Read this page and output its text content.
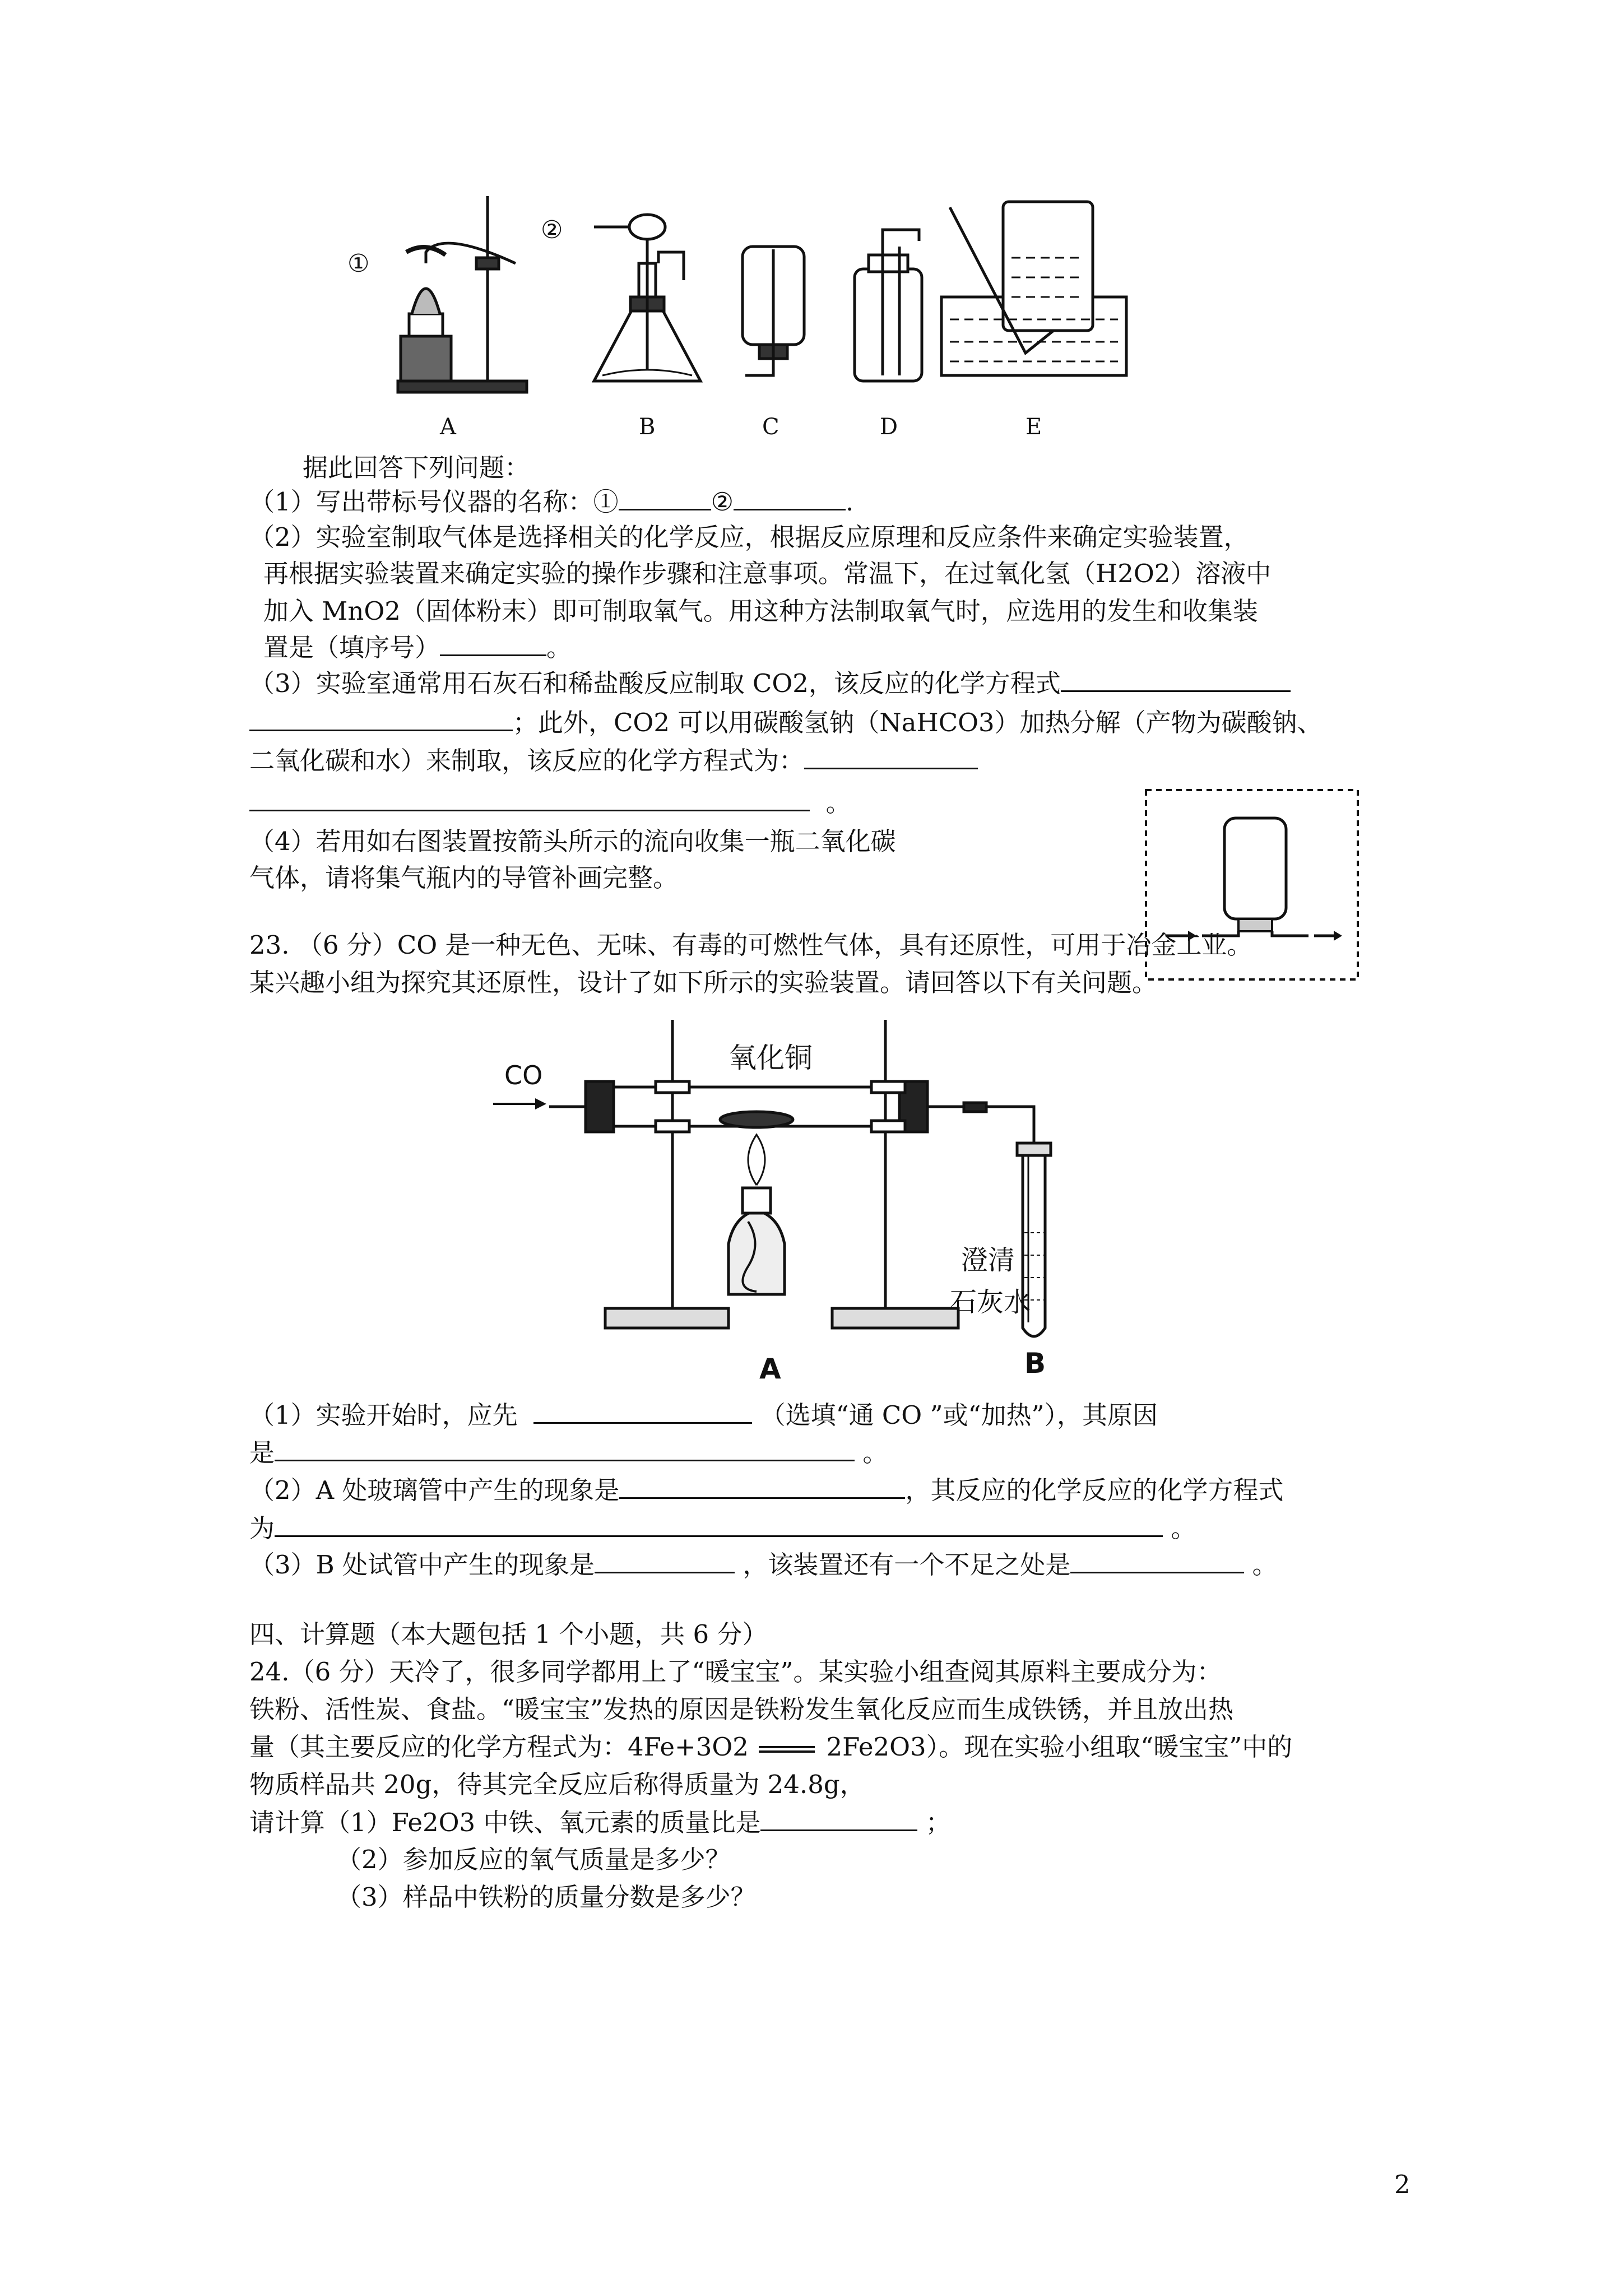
①
②
A	B	C	D	E
据此回答下列问题：
（1）写出带标号仪器的名称：①	②	.
（2）实验室制取气体是选择相关的化学反应，根据反应原理和反应条件来确定实验装置，
再根据实验装置来确定实验的操作步骤和注意事项。常温下，在过氧化氢（H2O2）溶液中
加入 MnO2（固体粉末）即可制取氧气。用这种方法制取氧气时，应选用的发生和收集装
置是（填序号）	。
（3）实验室通常用石灰石和稀盐酸反应制取 CO2，该反应的化学方程式
；此外，CO2 可以用碳酸氢钠（NaHCO3）加热分解（产物为碳酸钠、
二氧化碳和水）来制取，该反应的化学方程式为：
。
（4）若用如右图装置按箭头所示的流向收集一瓶二氧化碳
气体，请将集气瓶内的导管补画完整。
23. （6 分）CO 是一种无色、无味、有毒的可燃性气体，具有还原性，可用于冶金工业。
某兴趣小组为探究其还原性，设计了如下所示的实验装置。请回答以下有关问题。
CO
氧化铜
澄清
石灰水
A	B
（1）实验开始时，应先	（选填“通 CO ”或“加热”），其原因
是	。
（2）A 处玻璃管中产生的现象是	，其反应的化学反应的化学方程式
为	。
（3）B 处试管中产生的现象是	，该装置还有一个不足之处是	。
四、计算题（本大题包括 1 个小题，共 6 分）
24.（6 分）天冷了，很多同学都用上了“暖宝宝”。某实验小组查阅其原料主要成分为：
铁粉、活性炭、食盐。“暖宝宝”发热的原因是铁粉发生氧化反应而生成铁锈，并且放出热
量（其主要反应的化学方程式为：4Fe+3O2	2Fe2O3）。现在实验小组取“暖宝宝”中的
物质样品共 20g，待其完全反应后称得质量为 24.8g，
请计算（1）Fe2O3 中铁、氧元素的质量比是	；
（2）参加反应的氧气质量是多少？
（3）样品中铁粉的质量分数是多少？
2
